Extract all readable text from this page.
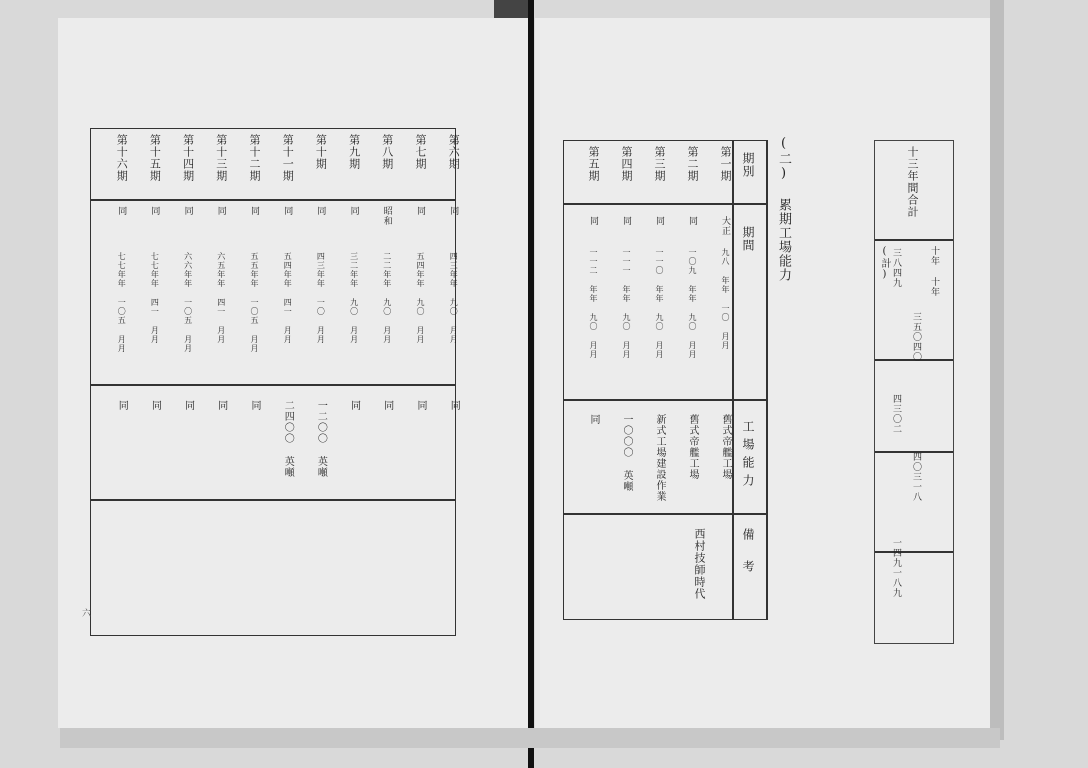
第十六期
同
七七年年 一〇五 月月
同
第十五期
同
七七年年 四一 月月
同
第十四期
同
六六年年 一〇五 月月
同
第十三期
同
六五年年 四一 月月
同
第十二期
同
五五年年 一〇五 月月
同
第十一期
同
五四年年 四一 月月
二四〇〇 英噸
第十期
同
四三年年 一〇 月月
一二〇〇 英噸
第九期
同
三二年年 九〇 月月
同
第八期
昭和
二二年年 九〇 月月
同
第七期
同
五四年年 九〇 月月
同
第六期
同
四三年年 九〇 月月
同
(二) 累期工場能力
期別
期間
工場能力
備考
第五期
同
一一二 年年 九〇 月月
同
第四期
同
一一一 年年 九〇 月月
一〇〇〇 英噸
第三期
同
一一〇 年年 九〇 月月
新式工場建設作業
第二期
同
一〇九 年年 九〇 月月
舊式帝艦工場
第一期
大正
九八 年年 一〇 月月
舊式帝艦工場
西村技師時代
十三年間合計
(計)	十年 十年
三八四九
三五〇四〇
四三〇二
四〇三一八
一四九一八九
六
